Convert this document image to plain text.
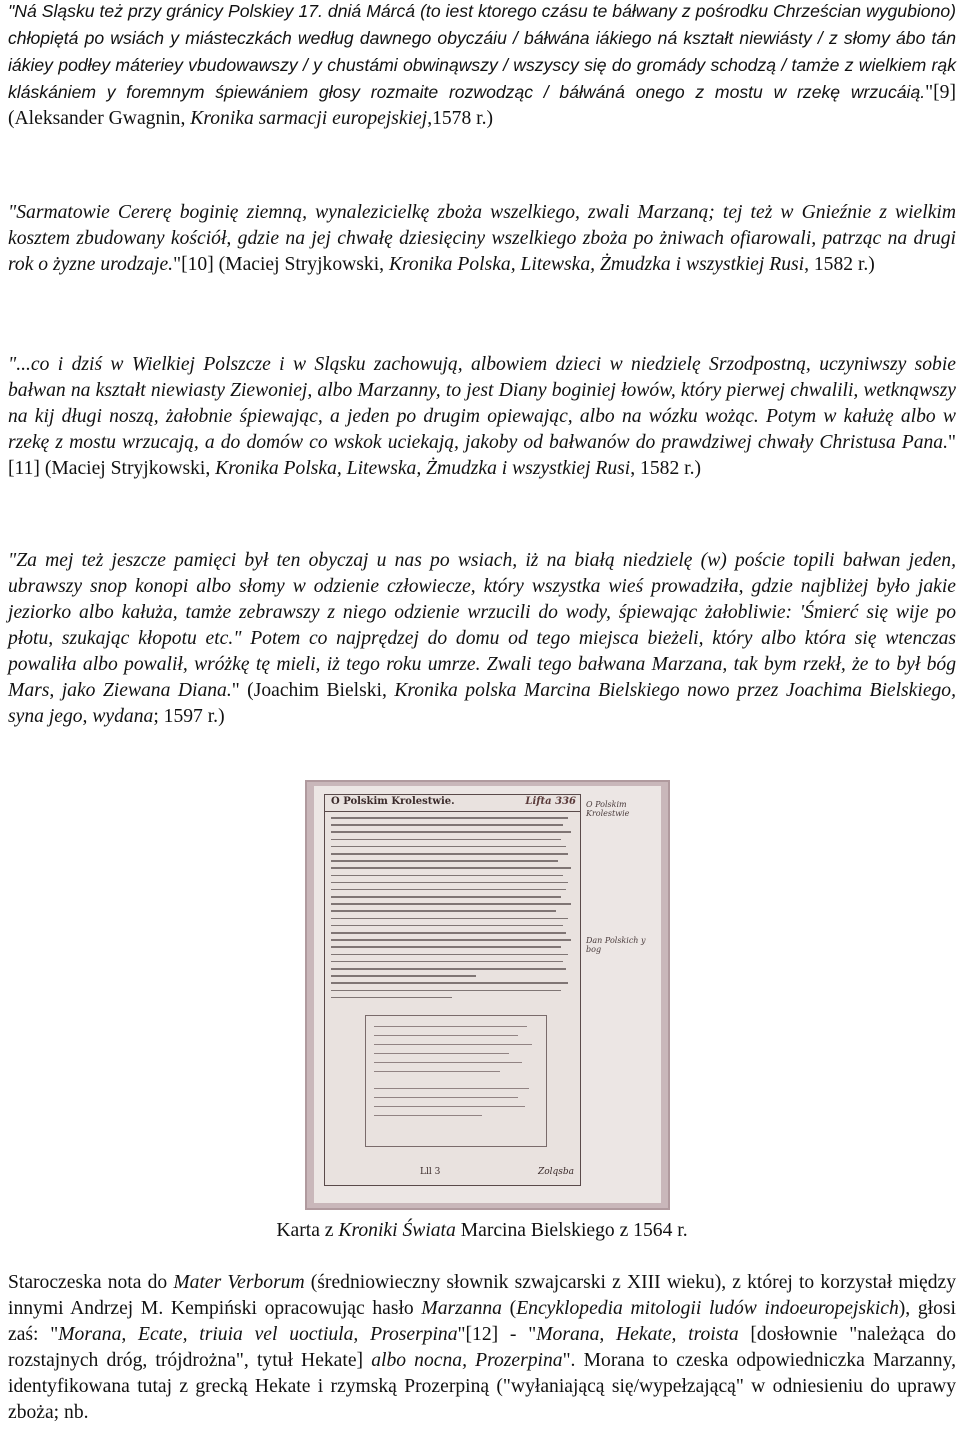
"Ná Sląsku też przy gránicy Polskiey 17. dniá Márcá (to iest ktorego czásu te báłwany z pośrodku Chrześcian wygubiono) chłopiętá po wsiách y miásteczkách według dawnego obyczáiu / báłwána iákiego ná kształt niewiásty / z słomy ábo tán iákiey podłey máteriey vbudowawszy / y chustámi obwinąwszy / wszyscy się do gromády schodzą / tamże z wielkiem rąk klásk‌ániem y foremnym śpiewániem głosy rozmaite rozwodząc / báłwáná onego z mostu w rzekę wrzucáią."[9] (Aleksander Gwagnin, Kronika sarmacji europejskiej,1578 r.)

"Sarmatowie Cererę boginię ziemną, wynalezicielkę zboża wszelkiego, zwali Marzaną; tej też w Gnieźnie z wielkim kosztem zbudowany kościół, gdzie na jej chwałę dziesięciny wszelkiego zboża po żniwach ofiarowali, patrząc na drugi rok o żyzne urodzaje."[10] (Maciej Stryjkowski, Kronika Polska, Litewska, Żmudzka i wszystkiej Rusi, 1582 r.)

"...co i dziś w Wielkiej Polszcze i w Sląsku zachowują, albowiem dzieci w niedzielę Srzodpostną, uczyniwszy sobie bałwan na kształt niewiasty Ziewoniej, albo Marzanny, to jest Diany boginiej łowów, który pierwej chwalili, wetknąwszy na kij długi noszą, żałobnie śpiewając, a jeden po drugim opiewając, albo na wózku wożąc. Potym w kałużę albo w rzekę z mostu wrzucają, a do domów co wskok uciekają, jakoby od bałwanów do prawdziwej chwały Christusa Pana."[11] (Maciej Stryjkowski, Kronika Polska, Litewska, Żmudzka i wszystkiej Rusi, 1582 r.)

"Za mej też jeszcze pamięci był ten obyczaj u nas po wsiach, iż na białą niedzielę (w) poście topili bałwan jeden, ubrawszy snop konopi albo słomy w odzienie człowiecze, który wszystka wieś prowadziła, gdzie najbliżej było jakie jeziorko albo kałuża, tamże zebrawszy z niego odzienie wrzucili do wody, śpiewając żałobliwie: 'Śmierć się wije po płotu, szukając kłopotu etc." Potem co najprędzej do domu od tego miejsca bieżeli, który albo która się wtenczas powaliła albo powalił, wróżkę tę mieli, iż tego roku umrze. Zwali tego bałwana Marzana, tak bym rzekł, że to był bóg Mars, jako Ziewana Diana." (Joachim Bielski, Kronika polska Marcina Bielskiego nowo przez Joachima Bielskiego, syna jego, wydana; 1597 r.)

O Polskim Krolestwie.	Lifta 336
Lll 3	Zolqsba
O Polskim Krolestwie
Dan Polskich y bog
Karta z Kroniki Świata Marcina Bielskiego z 1564 r.

Staroczeska nota do Mater Verborum (średniowieczny słownik szwajcarski z XIII wieku), z której to korzystał między innymi Andrzej M. Kempiński opracowując hasło Marzanna (Encyklopedia mitologii ludów indoeuropejskich), głosi zaś: "Morana, Ecate, triuia vel uoctiula, Proserpina"[12] - "Morana, Hekate, troista [dosłownie "należąca do rozstajnych dróg, trójdrożna", tytuł Hekate] albo nocna, Prozerpina". Morana to czeska odpowiedniczka Marzanny, identyfikowana tutaj z grecką Hekate i rzymską Prozerpiną ("wyłaniającą się/wypełzającą" w odniesieniu do uprawy zboża; nb.
